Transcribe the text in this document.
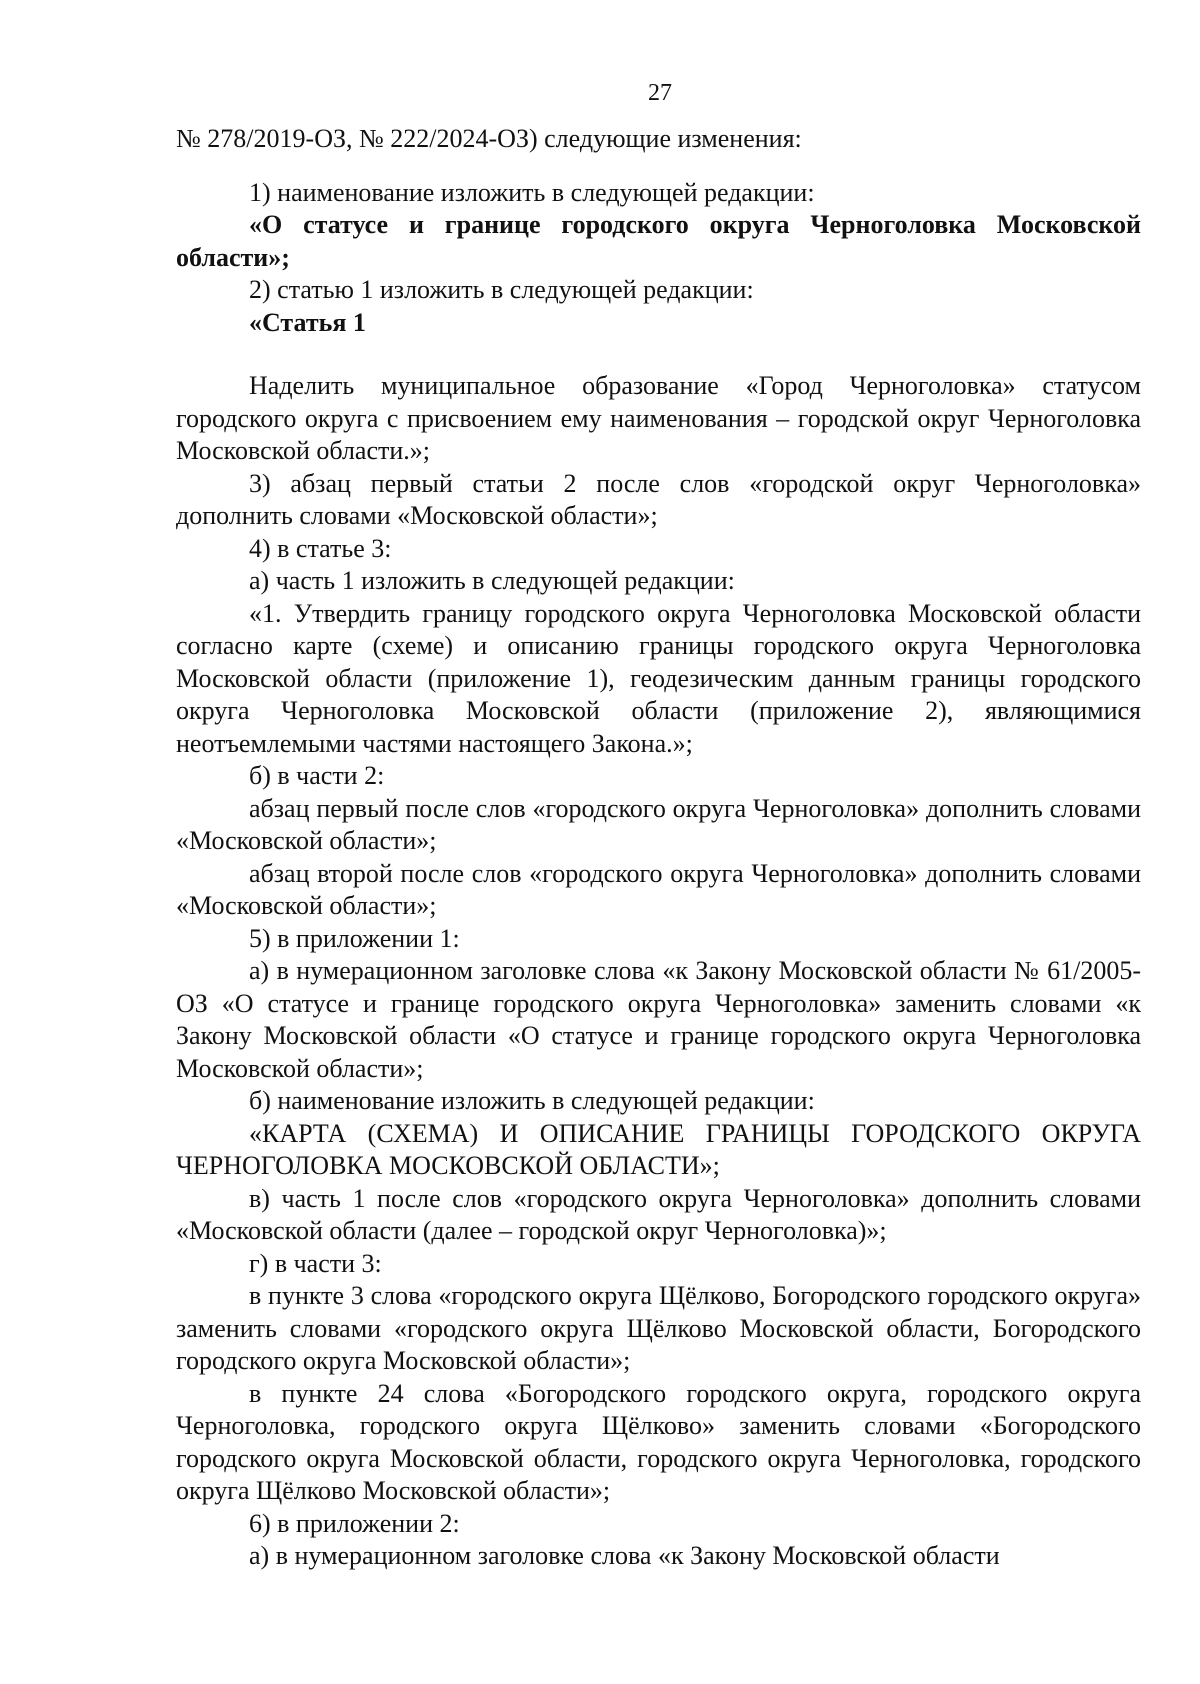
27

№ 278/2019-ОЗ, № 222/2024-ОЗ) следующие изменения:

1) наименование изложить в следующей редакции:

«О статусе и границе городского округа Черноголовка Московской области»;

2) статью 1 изложить в следующей редакции:

«Статья 1

Наделить муниципальное образование «Город Черноголовка» статусом городского округа с присвоением ему наименования – городской округ Черноголовка Московской области.»;

3) абзац первый статьи 2 после слов «городской округ Черноголовка» дополнить словами «Московской области»;

4) в статье 3:

а) часть 1 изложить в следующей редакции:

«1. Утвердить границу городского округа Черноголовка Московской области согласно карте (схеме) и описанию границы городского округа Черноголовка Московской области (приложение 1), геодезическим данным границы городского округа Черноголовка Московской области (приложение 2), являющимися неотъемлемыми частями настоящего Закона.»;

б) в части 2:

абзац первый после слов «городского округа Черноголовка» дополнить словами «Московской области»;

абзац второй после слов «городского округа Черноголовка» дополнить словами «Московской области»;

5) в приложении 1:

а) в нумерационном заголовке слова «к Закону Московской области № 61/2005-ОЗ «О статусе и границе городского округа Черноголовка» заменить словами «к Закону Московской области «О статусе и границе городского округа Черноголовка Московской области»;

б) наименование изложить в следующей редакции:

«КАРТА (СХЕМА) И ОПИСАНИЕ ГРАНИЦЫ ГОРОДСКОГО ОКРУГА ЧЕРНОГОЛОВКА МОСКОВСКОЙ ОБЛАСТИ»;

в) часть 1 после слов «городского округа Черноголовка» дополнить словами «Московской области (далее – городской округ Черноголовка)»;

г) в части 3:

в пункте 3 слова «городского округа Щёлково, Богородского городского округа» заменить словами «городского округа Щёлково Московской области, Богородского городского округа Московской области»;

в пункте 24 слова «Богородского городского округа, городского округа Черноголовка, городского округа Щёлково» заменить словами «Богородского городского округа Московской области, городского округа Черноголовка, городского округа Щёлково Московской области»;

6) в приложении 2:

а) в нумерационном заголовке слова «к Закону Московской области
